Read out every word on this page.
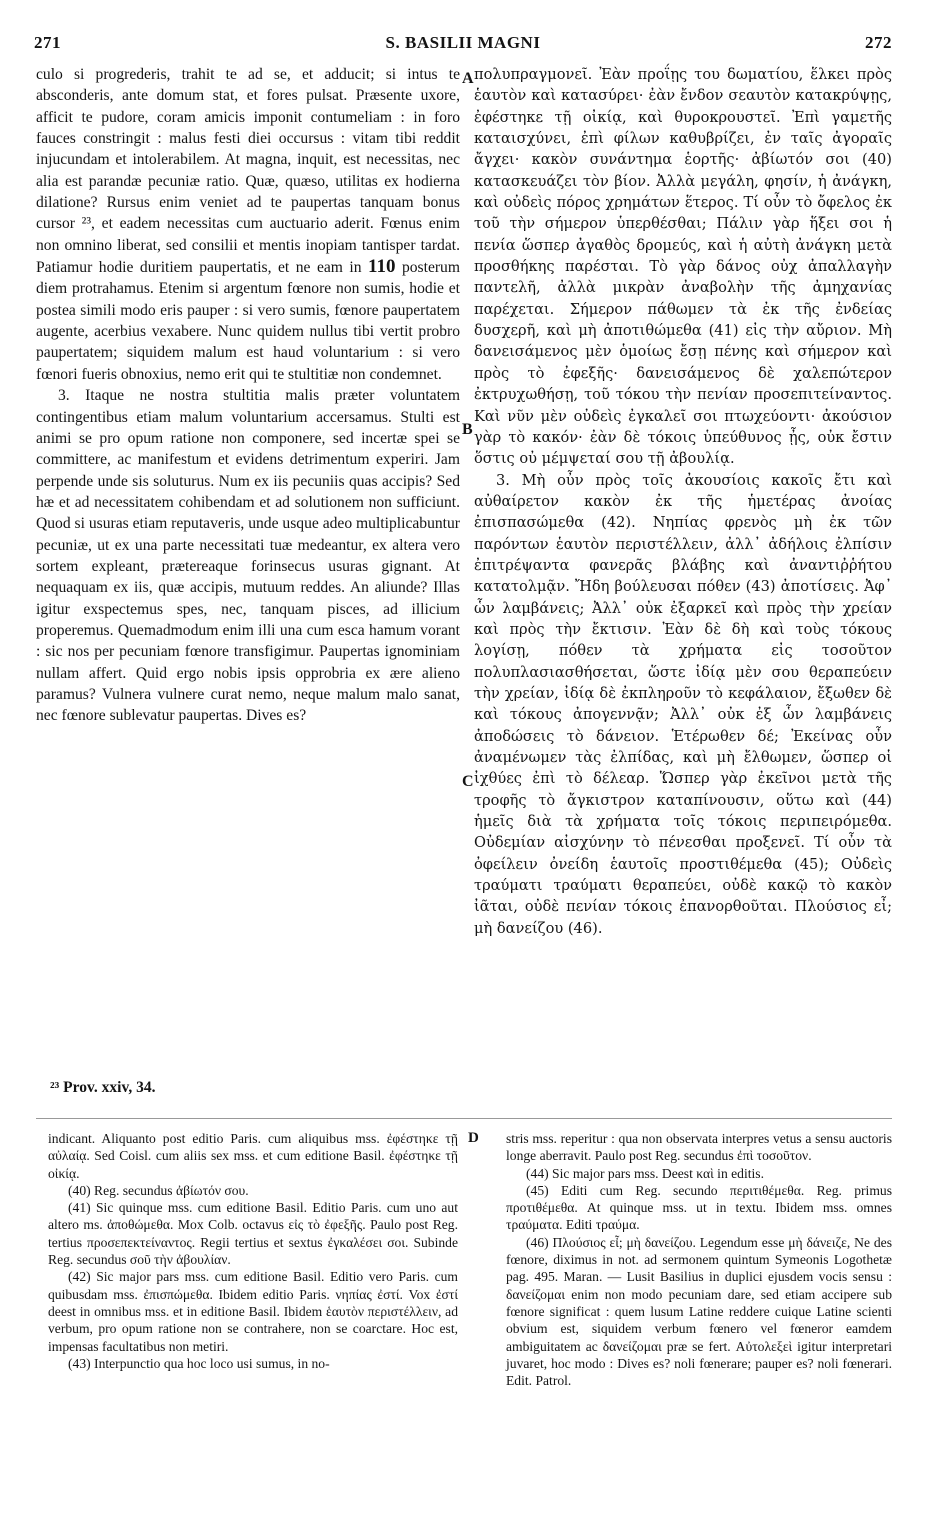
271	S. BASILII MAGNI	272

culo si progrederis, trahit te ad se, et adducit; si intus te absconderis, ante domum stat, et fores pulsat. Præsente uxore, afficit te pudore, coram amicis imponit contumeliam : in foro fauces constringit : malus festi diei occursus : vitam tibi reddit injucundam et intolerabilem. At magna, inquit, est necessitas, nec alia est parandæ pecuniæ ratio. Quæ, quæso, utilitas ex hodierna dilatione? Rursus enim veniet ad te paupertas tanquam bonus cursor ²³, et eadem necessitas cum auctuario aderit. Fœnus enim non omnino liberat, sed consilii et mentis inopiam tantisper tardat. Patiamur hodie duritiem paupertatis, et ne eam in 110 posterum diem protrahamus. Etenim si argentum fœnore non sumis, hodie et postea simili modo eris pauper : si vero sumis, fœnore paupertatem augente, acerbius vexabere. Nunc quidem nullus tibi vertit probro paupertatem; siquidem malum est haud voluntarium : si vero fœnori fueris obnoxius, nemo erit qui te stultitiæ non condemnet.

3. Itaque ne nostra stultitia malis præter voluntatem contingentibus etiam malum voluntarium accersamus. Stulti est animi se pro opum ratione non componere, sed incertæ spei se committere, ac manifestum et evidens detrimentum experiri. Jam perpende unde sis soluturus. Num ex iis pecuniis quas accipis? Sed hæ et ad necessitatem cohibendam et ad solutionem non sufficiunt. Quod si usuras etiam reputaveris, unde usque adeo multiplicabuntur pecuniæ, ut ex una parte necessitati tuæ medeantur, ex altera vero sortem expleant, prætereaque forinsecus usuras gignant. At nequaquam ex iis, quæ accipis, mutuum reddes. An aliunde? Illas igitur exspectemus spes, nec, tanquam pisces, ad illicium properemus. Quemadmodum enim illi una cum esca hamum vorant : sic nos per pecuniam fœnore transfigimur. Paupertas ignominiam nullam affert. Quid ergo nobis ipsis opprobria ex ære alieno paramus? Vulnera vulnere curat nemo, neque malum malo sanat, nec fœnore sublevatur paupertas. Dives es?

A
B
C

πολυπραγμονεῖ. Ἐὰν προΐῃς του δωματίου, ἕλκει πρὸς ἑαυτὸν καὶ κατασύρει· ἐὰν ἔνδον σεαυτὸν κατακρύψῃς, ἐφέστηκε τῇ οἰκίᾳ, καὶ θυροκρουστεῖ. Ἐπὶ γαμετῆς καταισχύνει, ἐπὶ φίλων καθυβρίζει, ἐν ταῖς ἀγοραῖς ἄγχει· κακὸν συνάντημα ἑορτῆς· ἀβίωτόν σοι (40) κατασκευάζει τὸν βίον. Ἀλλὰ μεγάλη, φησίν, ἡ ἀνάγκη, καὶ οὐδεὶς πόρος χρημάτων ἕτερος. Τί οὖν τὸ ὄφελος ἐκ τοῦ τὴν σήμερον ὑπερθέσθαι; Πάλιν γὰρ ἥξει σοι ἡ πενία ὥσπερ ἀγαθὸς δρομεύς, καὶ ἡ αὐτὴ ἀνάγκη μετὰ προσθήκης παρέσται. Τὸ γὰρ δάνος οὐχ ἀπαλλαγὴν παντελῆ, ἀλλὰ μικρὰν ἀναβολὴν τῆς ἀμηχανίας παρέχεται. Σήμερον πάθωμεν τὰ ἐκ τῆς ἐνδείας δυσχερῆ, καὶ μὴ ἀποτιθώμεθα (41) εἰς τὴν αὔριον. Μὴ δανεισάμενος μὲν ὁμοίως ἔσῃ πένης καὶ σήμερον καὶ πρὸς τὸ ἐφεξῆς· δανεισάμενος δὲ χαλεπώτερον ἐκτρυχωθήσῃ, τοῦ τόκου τὴν πενίαν προσεπιτείναντος. Καὶ νῦν μὲν οὐδεὶς ἐγκαλεῖ σοι πτωχεύοντι· ἀκούσιον γὰρ τὸ κακόν· ἐὰν δὲ τόκοις ὑπεύθυνος ᾖς, οὐκ ἔστιν ὅστις οὐ μέμψεταί σου τῇ ἀβουλίᾳ.

3. Μὴ οὖν πρὸς τοῖς ἀκουσίοις κακοῖς ἔτι καὶ αὐθαίρετον κακὸν ἐκ τῆς ἡμετέρας ἀνοίας ἐπισπασώμεθα (42). Νηπίας φρενὸς μὴ ἐκ τῶν παρόντων ἑαυτὸν περιστέλλειν, ἀλλ᾽ ἀδήλοις ἐλπίσιν ἐπιτρέψαντα φανερᾶς βλάβης καὶ ἀναντιῤῥήτου κατατολμᾷν. Ἤδη βούλευσαι πόθεν (43) ἀποτίσεις. Ἀφ᾽ ὧν λαμβάνεις; Ἀλλ᾽ οὐκ ἐξαρκεῖ καὶ πρὸς τὴν χρείαν καὶ πρὸς τὴν ἔκτισιν. Ἐὰν δὲ δὴ καὶ τοὺς τόκους λογίσῃ, πόθεν τὰ χρήματα εἰς τοσοῦτον πολυπλασιασθήσεται, ὥστε ἰδίᾳ μὲν σου θεραπεύειν τὴν χρείαν, ἰδίᾳ δὲ ἐκπληροῦν τὸ κεφάλαιον, ἔξωθεν δὲ καὶ τόκους ἀπογεννᾷν; Ἀλλ᾽ οὐκ ἐξ ὧν λαμβάνεις ἀποδώσεις τὸ δάνειον. Ἑτέρωθεν δέ; Ἐκείνας οὖν ἀναμένωμεν τὰς ἐλπίδας, καὶ μὴ ἔλθωμεν, ὥσπερ οἱ ἰχθύες ἐπὶ τὸ δέλεαρ. Ὥσπερ γὰρ ἐκεῖνοι μετὰ τῆς τροφῆς τὸ ἄγκιστρον καταπίνουσιν, οὕτω καὶ (44) ἡμεῖς διὰ τὰ χρήματα τοῖς τόκοις περιπειρόμεθα. Οὐδεμίαν αἰσχύνην τὸ πένεσθαι προξενεῖ. Τί οὖν τὰ ὀφείλειν ὀνείδη ἑαυτοῖς προστιθέμεθα (45); Οὐδεὶς τραύματι τραύματι θεραπεύει, οὐδὲ κακῷ τὸ κακὸν ἰᾶται, οὐδὲ πενίαν τόκοις ἐπανορθοῦται. Πλούσιος εἶ; μὴ δανείζου (46).

²³ Prov. xxiv, 34.
D

indicant. Aliquanto post editio Paris. cum aliquibus mss. ἐφέστηκε τῇ αὐλαίᾳ. Sed Coisl. cum aliis sex mss. et cum editione Basil. ἐφέστηκε τῇ οἰκίᾳ.

(40) Reg. secundus ἀβίωτόν σου.

(41) Sic quinque mss. cum editione Basil. Editio Paris. cum uno aut altero ms. ἀποθώμεθα. Mox Colb. octavus εἰς τὸ ἐφεξῆς. Paulo post Reg. tertius προσεπεκτείναντος. Regii tertius et sextus ἐγκαλέσει σοι. Subinde Reg. secundus σοῦ τὴν ἀβουλίαν.

(42) Sic major pars mss. cum editione Basil. Editio vero Paris. cum quibusdam mss. ἐπισπώμεθα. Ibidem editio Paris. νηπίας ἐστί. Vox ἐστί deest in omnibus mss. et in editione Basil. Ibidem ἑαυτὸν περιστέλλειν, ad verbum, pro opum ratione non se contrahere, non se coarctare. Hoc est, impensas facultatibus non metiri.

(43) Interpunctio qua hoc loco usi sumus, in no-

stris mss. reperitur : qua non observata interpres vetus a sensu auctoris longe aberravit. Paulo post Reg. secundus ἐπὶ τοσοῦτον.

(44) Sic major pars mss. Deest καὶ in editis.

(45) Editi cum Reg. secundo περιτιθέμεθα. Reg. primus προτιθέμεθα. At quinque mss. ut in textu. Ibidem mss. omnes τραύματα. Editi τραύμα.

(46) Πλούσιος εἶ; μὴ δανείζου. Legendum esse μὴ δάνειζε, Ne des fœnore, diximus in not. ad sermonem quintum Symeonis Logothetæ pag. 495. Maran. — Lusit Basilius in duplici ejusdem vocis sensu : δανείζομαι enim non modo pecuniam dare, sed etiam accipere sub fœnore significat : quem lusum Latine reddere cuique Latine scienti obvium est, siquidem verbum fœnero vel fœneror eamdem ambiguitatem ac δανείζομαι præ se fert. Αὐτολεξεὶ igitur interpretari juvaret, hoc modo : Dives es? noli fœnerare; pauper es? noli fœnerari. Edit. Patrol.
